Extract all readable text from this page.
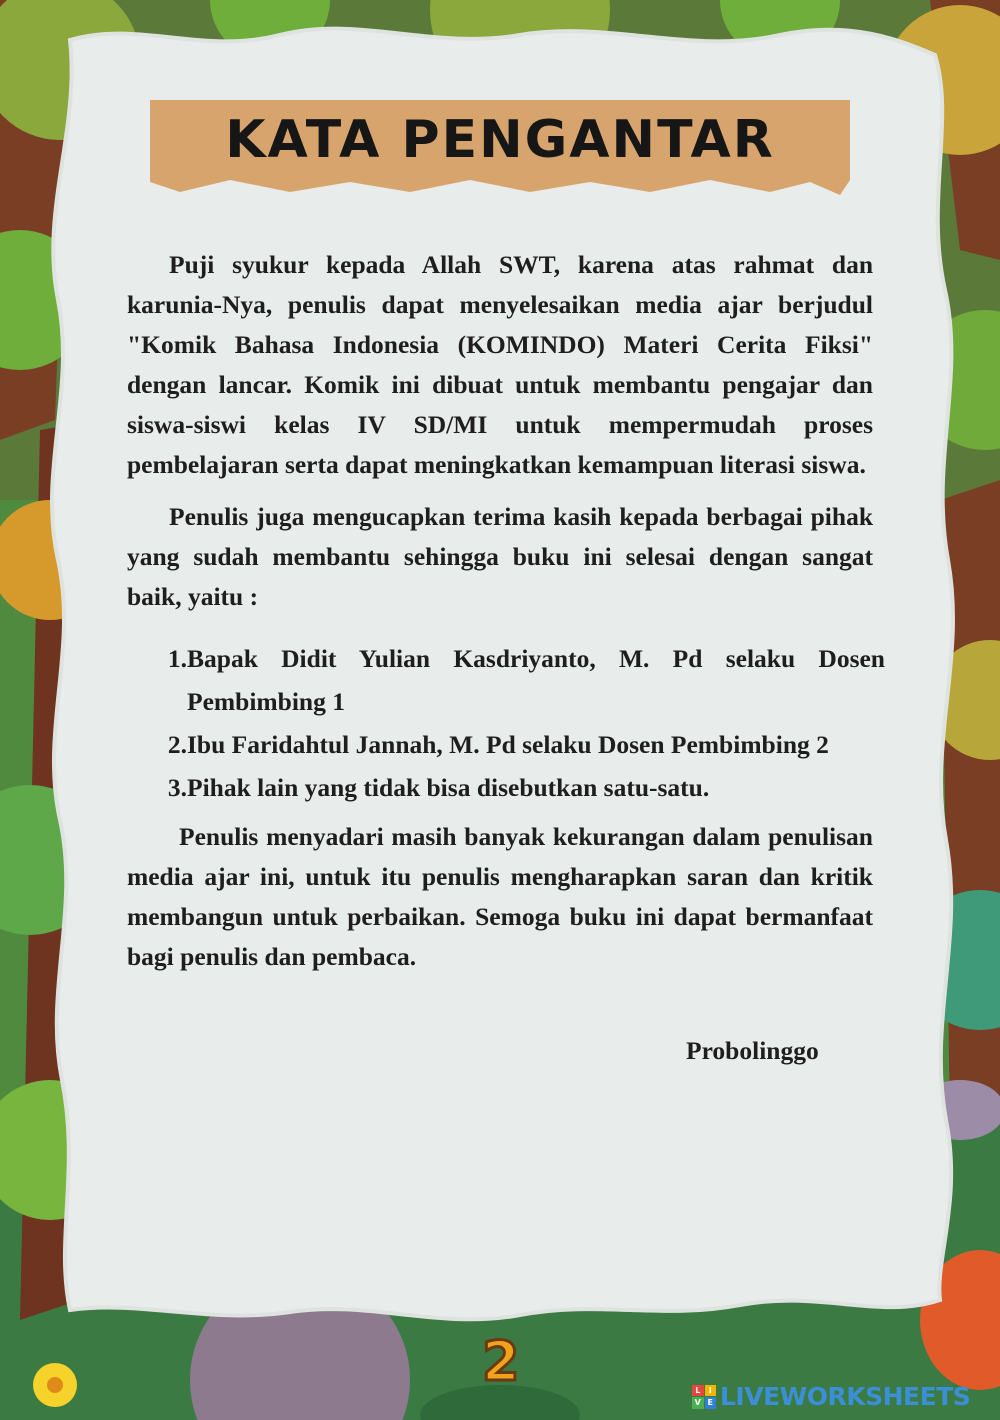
KATA PENGANTAR

Puji syukur kepada Allah SWT, karena atas rahmat dan karunia-Nya, penulis dapat menyelesaikan media ajar berjudul "Komik Bahasa Indonesia (KOMINDO) Materi Cerita Fiksi" dengan lancar. Komik ini dibuat untuk membantu pengajar dan siswa-siswi kelas IV SD/MI untuk mempermudah proses pembelajaran serta dapat meningkatkan kemampuan literasi siswa.

Penulis juga mengucapkan terima kasih kepada berbagai pihak yang sudah membantu sehingga buku ini selesai dengan sangat baik, yaitu :

1. Bapak Didit Yulian Kasdriyanto, M. Pd selaku Dosen Pembimbing 1
2. Ibu Faridahtul Jannah, M. Pd selaku Dosen Pembimbing 2
3. Pihak lain yang tidak bisa disebutkan satu-satu.

Penulis menyadari masih banyak kekurangan dalam penulisan media ajar ini, untuk itu penulis mengharapkan saran dan kritik membangun untuk perbaikan. Semoga buku ini dapat bermanfaat bagi penulis dan pembaca.

Probolinggo
2	L	I
V E LIVEWORKSHEETS
